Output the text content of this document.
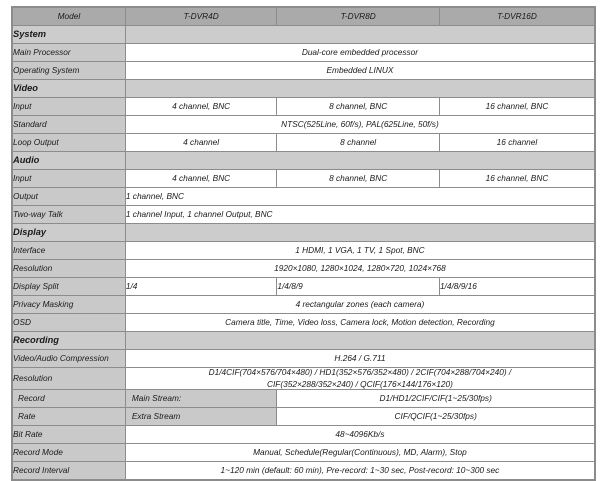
Model	T-DVR4D	T-DVR8D	T-DVR16D
System			
Main Processor	Dual-core embedded processor		
Operating System	Embedded LINUX		
Video			
Input	4 channel, BNC	8 channel, BNC	16 channel, BNC
Standard	NTSC(525Line, 60f/s), PAL(625Line, 50f/s)		
Loop Output	4 channel	8 channel	16 channel
Audio			
Input	4 channel, BNC	8 channel, BNC	16 channel, BNC
Output	1 channel, BNC		
Two-way Talk	1 channel Input, 1 channel Output, BNC		
Display			
Interface	1 HDMI, 1 VGA, 1 TV, 1 Spot, BNC		
Resolution	1920×1080, 1280×1024, 1280×720, 1024×768		
Display Split	1/4	1/4/8/9	1/4/8/9/16
Privacy Masking	4 rectangular zones (each camera)		
OSD	Camera title, Time, Video loss, Camera lock, Motion detection, Recording		
Recording			
Video/Audio Compression	H.264 / G.711		
Resolution	D1/4CIF(704×576/704×480) / HD1(352×576/352×480) / 2CIF(704×288/704×240) /
CIF(352×288/352×240) / QCIF(176×144/176×120)		

Record	Main Stream:	D1/HD1/2CIF/CIF(1~25/30fps)	
Rate	Extra Stream	CIF/QCIF(1~25/30fps)	
Bit Rate	48~4096Kb/s		
Record Mode	Manual, Schedule(Regular(Continuous), MD, Alarm), Stop		
Record Interval	1~120 min (default: 60 min), Pre-record: 1~30 sec, Post-record: 10~300 sec		
